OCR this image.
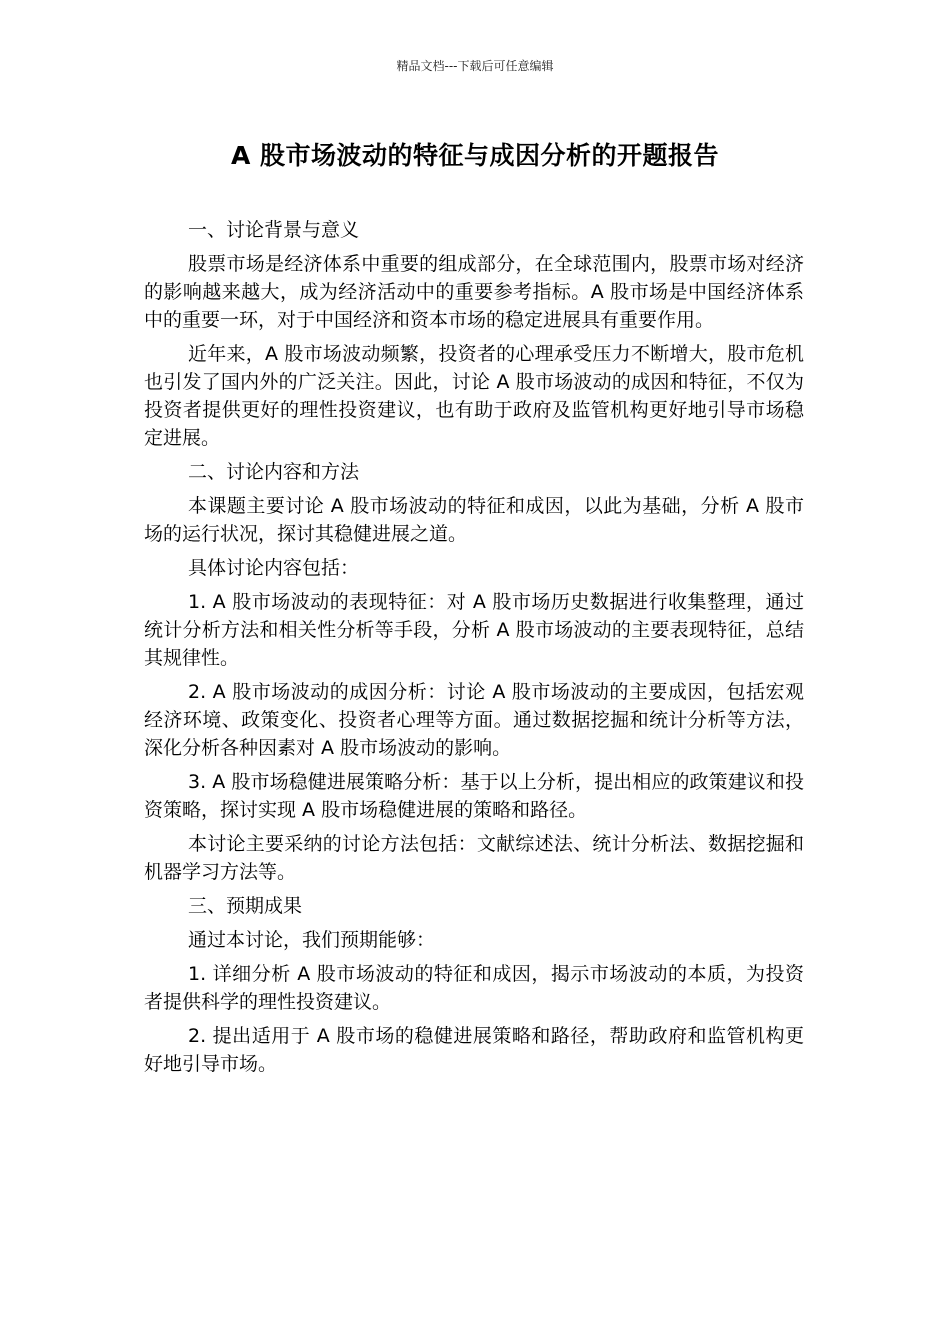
精品文档---下载后可任意编辑
A 股市场波动的特征与成因分析的开题报告

一、讨论背景与意义

股票市场是经济体系中重要的组成部分，在全球范围内，股票市场对经济的影响越来越大，成为经济活动中的重要参考指标。A 股市场是中国经济体系中的重要一环，对于中国经济和资本市场的稳定进展具有重要作用。

近年来，A 股市场波动频繁，投资者的心理承受压力不断增大，股市危机也引发了国内外的广泛关注。因此，讨论 A 股市场波动的成因和特征，不仅为投资者提供更好的理性投资建议，也有助于政府及监管机构更好地引导市场稳定进展。

二、讨论内容和方法

本课题主要讨论 A 股市场波动的特征和成因，以此为基础，分析 A 股市场的运行状况，探讨其稳健进展之道。

具体讨论内容包括：

1. A 股市场波动的表现特征：对 A 股市场历史数据进行收集整理，通过统计分析方法和相关性分析等手段，分析 A 股市场波动的主要表现特征，总结其规律性。

2. A 股市场波动的成因分析：讨论 A 股市场波动的主要成因，包括宏观经济环境、政策变化、投资者心理等方面。通过数据挖掘和统计分析等方法，深化分析各种因素对 A 股市场波动的影响。

3. A 股市场稳健进展策略分析：基于以上分析，提出相应的政策建议和投资策略，探讨实现 A 股市场稳健进展的策略和路径。

本讨论主要采纳的讨论方法包括：文献综述法、统计分析法、数据挖掘和机器学习方法等。

三、预期成果

通过本讨论，我们预期能够：

1. 详细分析 A 股市场波动的特征和成因，揭示市场波动的本质，为投资者提供科学的理性投资建议。

2. 提出适用于 A 股市场的稳健进展策略和路径，帮助政府和监管机构更好地引导市场。
